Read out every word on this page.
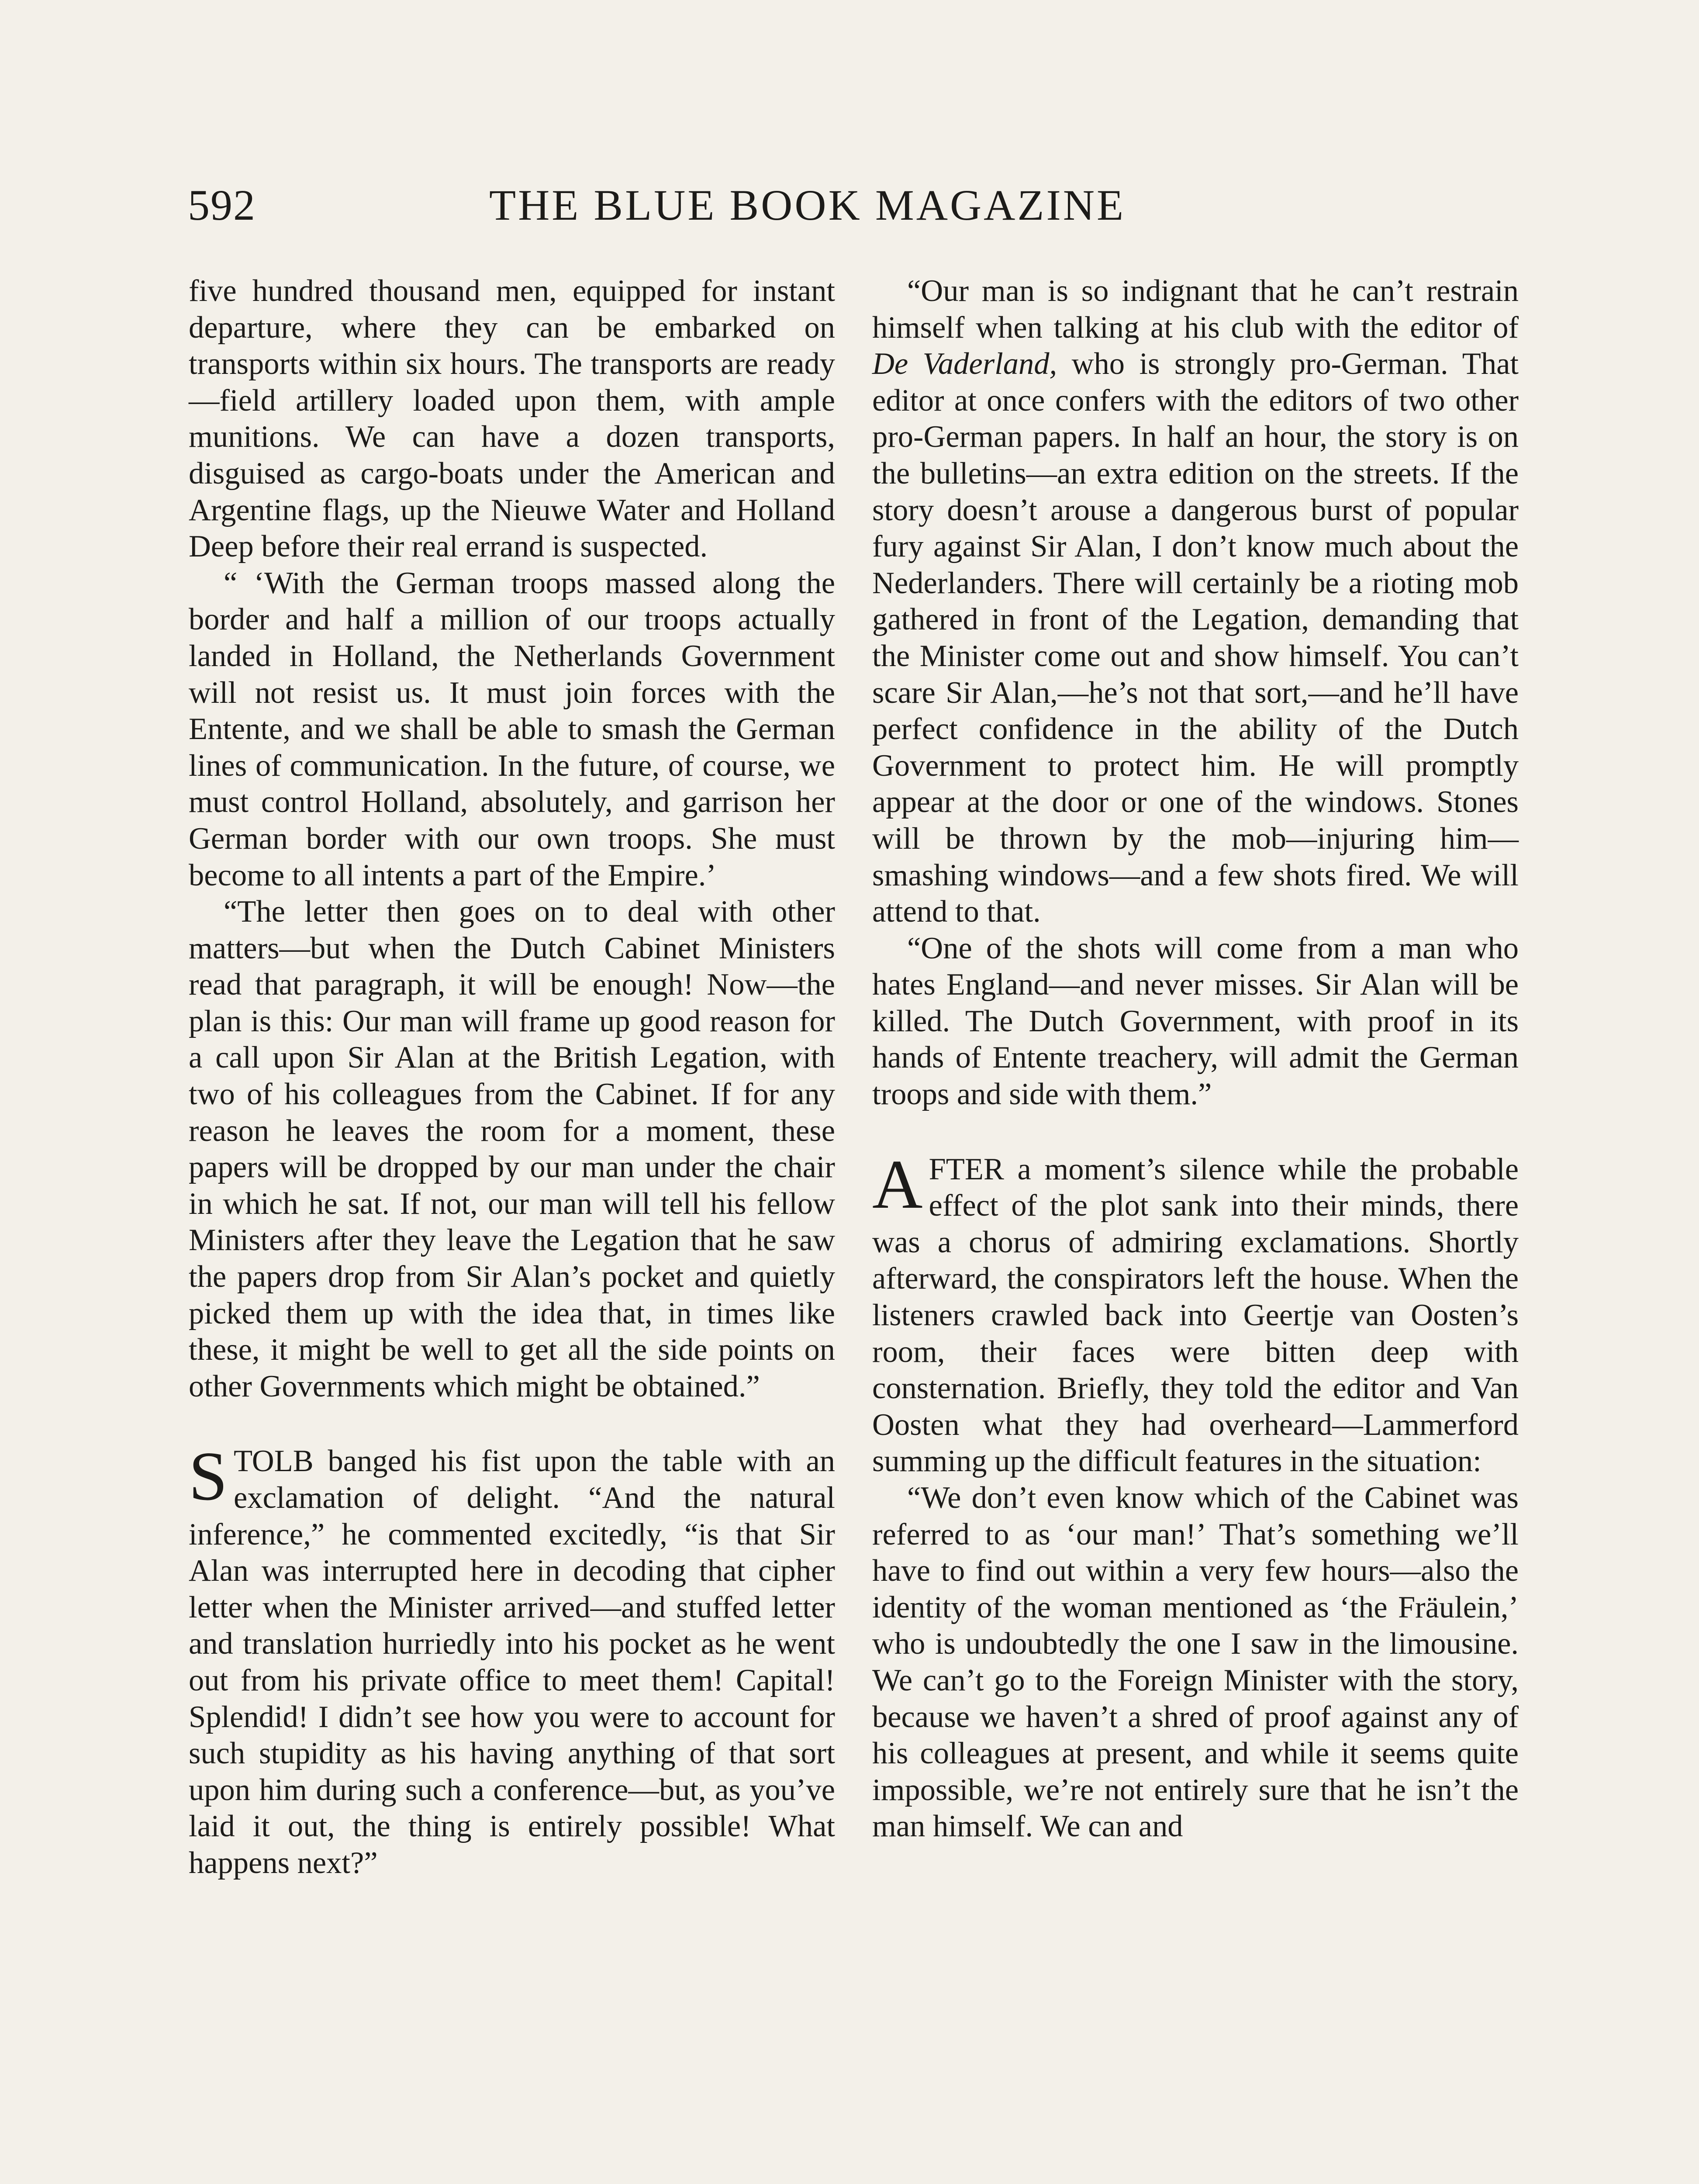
592	THE BLUE BOOK MAGAZINE

five hundred thousand men, equipped for instant departure, where they can be embarked on transports within six hours. The transports are ready—field artillery loaded upon them, with ample munitions. We can have a dozen transports, disguised as cargo-boats under the American and Argentine flags, up the Nieuwe Water and Holland Deep before their real errand is suspected.

“ ‘With the German troops massed along the border and half a million of our troops actually landed in Holland, the Netherlands Government will not resist us. It must join forces with the Entente, and we shall be able to smash the German lines of communication. In the future, of course, we must control Holland, absolutely, and garrison her German border with our own troops. She must become to all intents a part of the Empire.’

“The letter then goes on to deal with other matters—but when the Dutch Cabinet Ministers read that paragraph, it will be enough! Now—the plan is this: Our man will frame up good reason for a call upon Sir Alan at the British Legation, with two of his colleagues from the Cabinet. If for any reason he leaves the room for a moment, these papers will be dropped by our man under the chair in which he sat. If not, our man will tell his fellow Ministers after they leave the Legation that he saw the papers drop from Sir Alan’s pocket and quietly picked them up with the idea that, in times like these, it might be well to get all the side points on other Governments which might be obtained.”

STOLB banged his fist upon the table with an exclamation of delight. “And the natural inference,” he commented excitedly, “is that Sir Alan was interrupted here in decoding that cipher letter when the Minister arrived—and stuffed letter and translation hurriedly into his pocket as he went out from his private office to meet them! Capital! Splendid! I didn’t see how you were to account for such stupidity as his having anything of that sort upon him during such a conference—but, as you’ve laid it out, the thing is entirely possible! What happens next?”

“Our man is so indignant that he can’t restrain himself when talking at his club with the editor of De Vaderland, who is strongly pro-German. That editor at once confers with the editors of two other pro-German papers. In half an hour, the story is on the bulletins—an extra edition on the streets. If the story doesn’t arouse a dangerous burst of popular fury against Sir Alan, I don’t know much about the Nederlanders. There will certainly be a rioting mob gathered in front of the Legation, demanding that the Minister come out and show himself. You can’t scare Sir Alan,—he’s not that sort,—and he’ll have perfect confidence in the ability of the Dutch Government to protect him. He will promptly appear at the door or one of the windows. Stones will be thrown by the mob—injuring him—smashing windows—and a few shots fired. We will attend to that.

“One of the shots will come from a man who hates England—and never misses. Sir Alan will be killed. The Dutch Government, with proof in its hands of Entente treachery, will admit the German troops and side with them.”

AFTER a moment’s silence while the probable effect of the plot sank into their minds, there was a chorus of admiring exclamations. Shortly afterward, the conspirators left the house. When the listeners crawled back into Geertje van Oosten’s room, their faces were bitten deep with consternation. Briefly, they told the editor and Van Oosten what they had overheard—Lammerford summing up the difficult features in the situation:

“We don’t even know which of the Cabinet was referred to as ‘our man!’ That’s something we’ll have to find out within a very few hours—also the identity of the woman mentioned as ‘the Fräulein,’ who is undoubtedly the one I saw in the limousine. We can’t go to the Foreign Minister with the story, because we haven’t a shred of proof against any of his colleagues at present, and while it seems quite impossible, we’re not entirely sure that he isn’t the man himself. We can and
